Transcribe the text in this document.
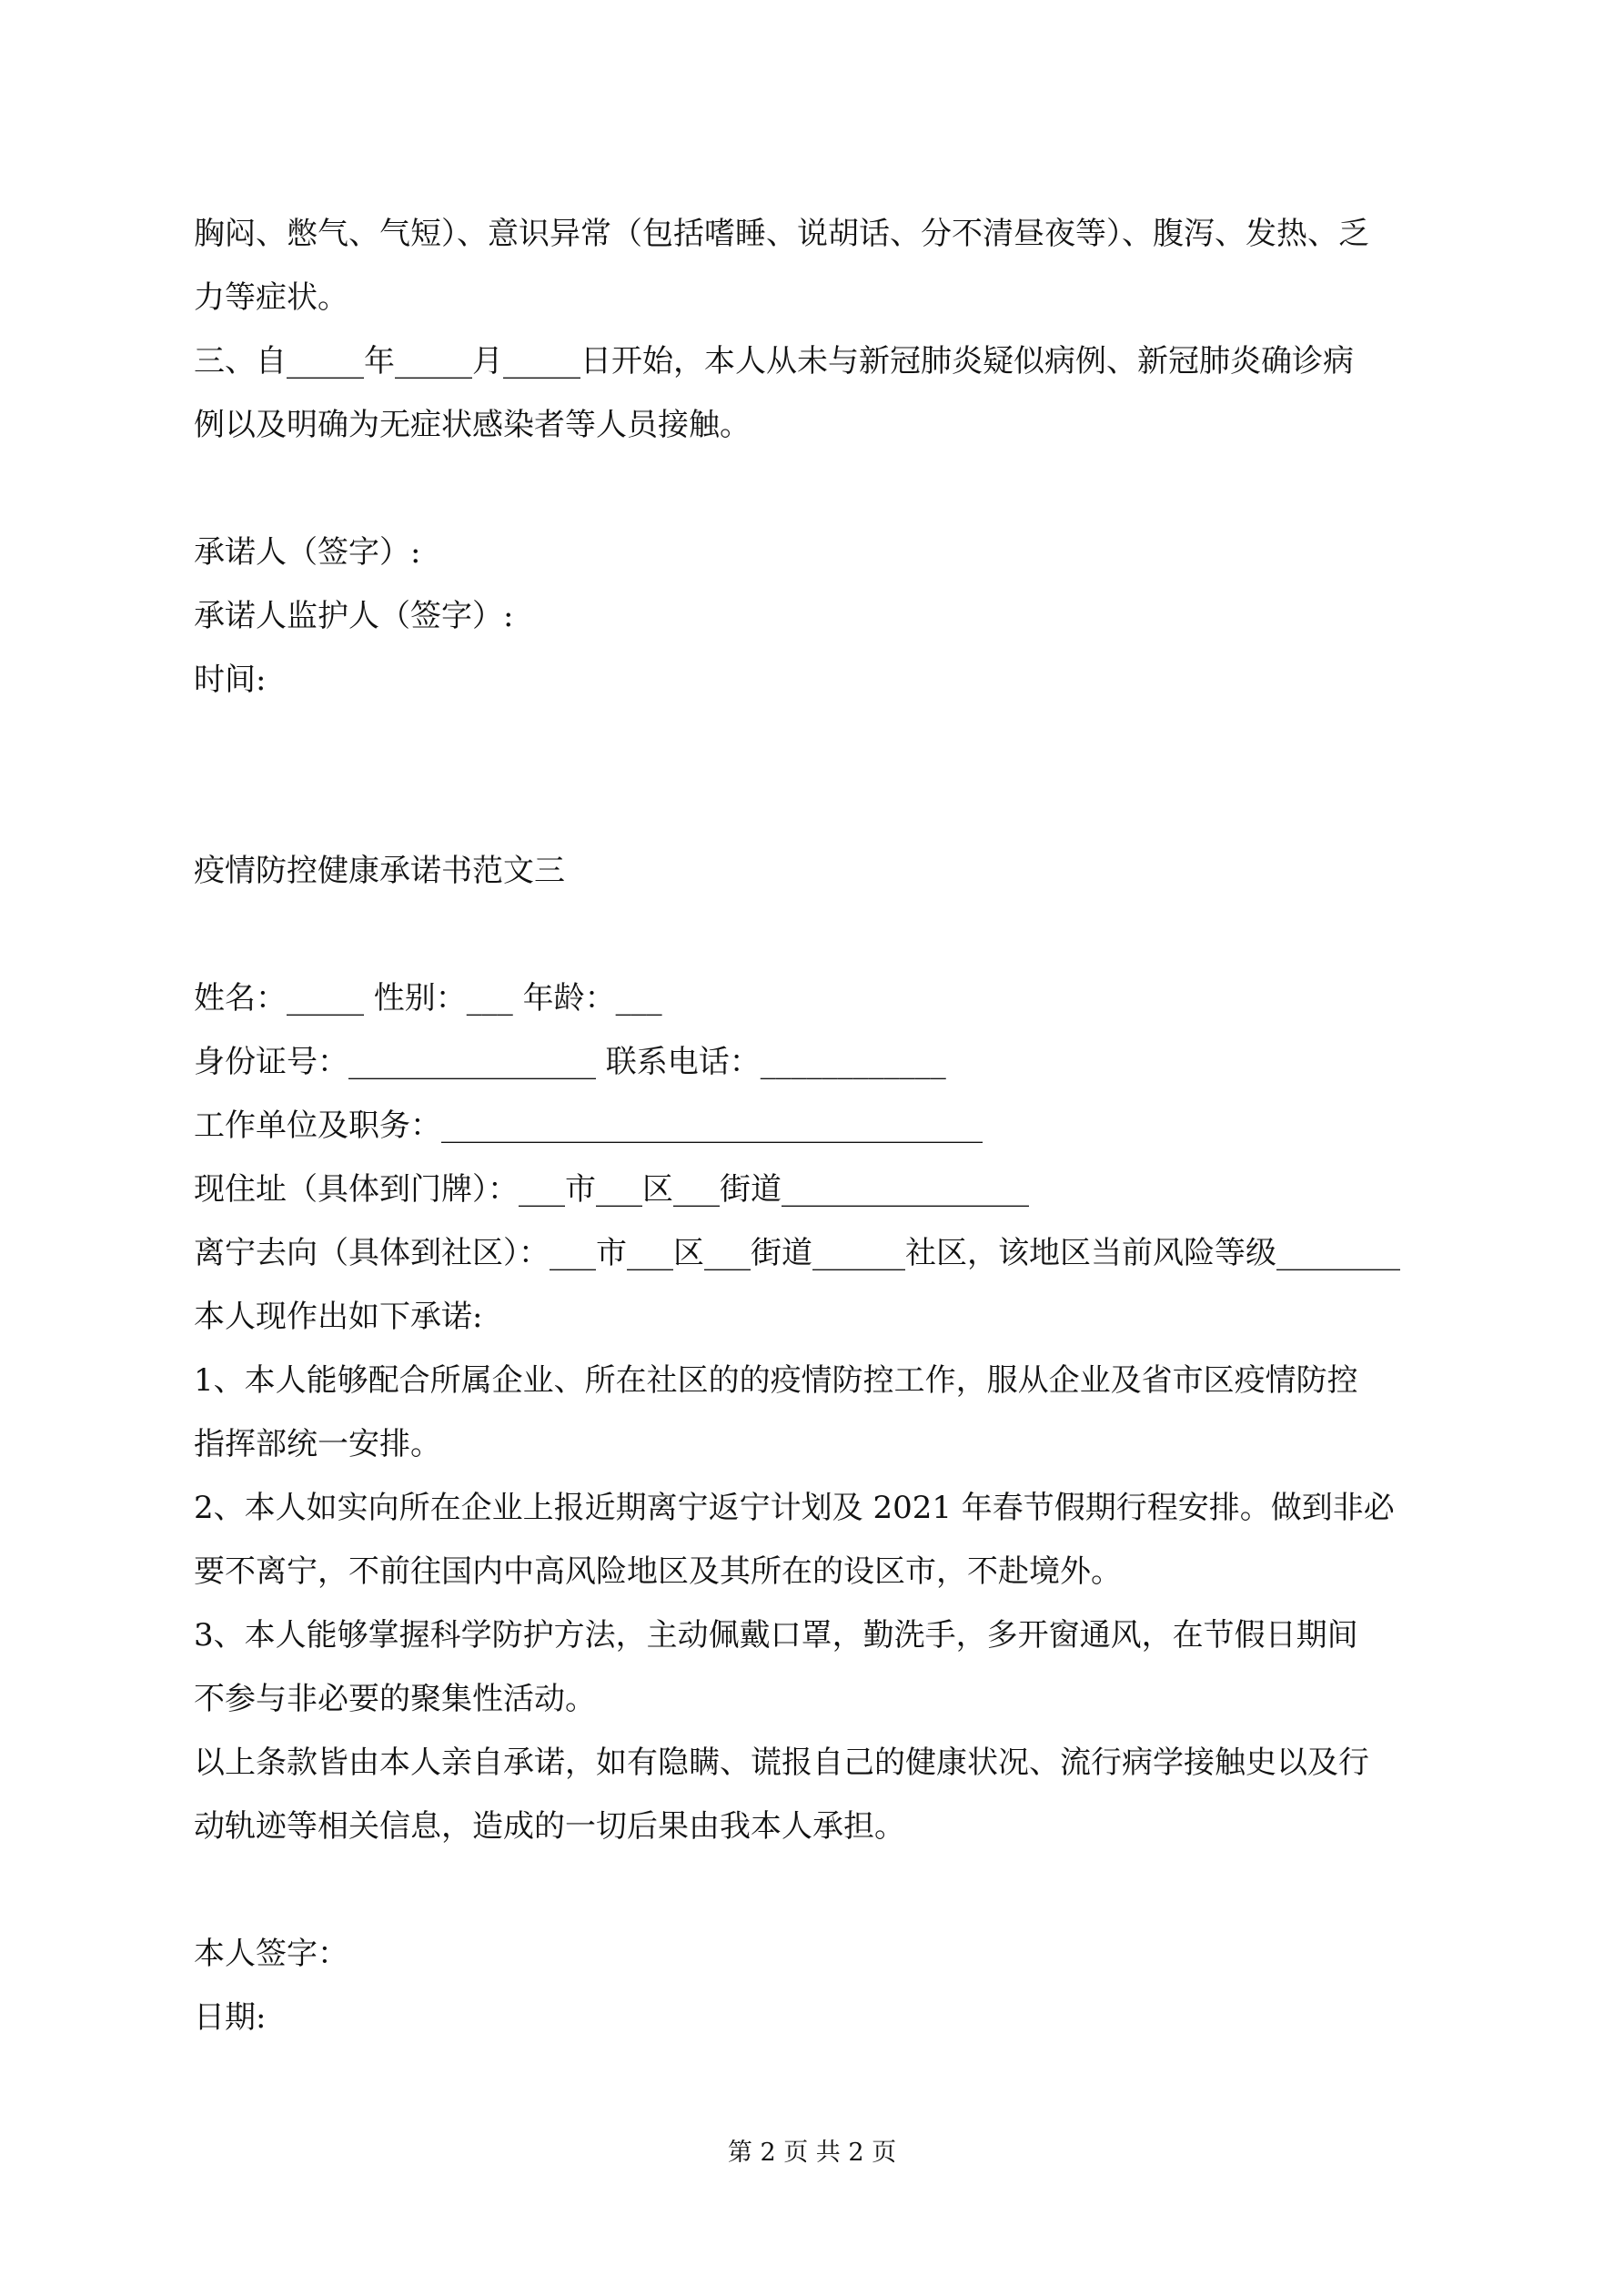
胸闷、憋气、气短）、意识异常（包括嗜睡、说胡话、分不清昼夜等）、腹泻、发热、乏
力等症状。
三、自_____年_____月_____日开始，本人从未与新冠肺炎疑似病例、新冠肺炎确诊病
例以及明确为无症状感染者等人员接触。
承诺人（签字）:
承诺人监护人（签字）:
时间:
疫情防控健康承诺书范文三
姓名：_____ 性别：___ 年龄：___
身份证号：________________ 联系电话：____________
工作单位及职务：___________________________________
现住址（具体到门牌）：___市___区___街道________________
离宁去向（具体到社区）：___市___区___街道______社区，该地区当前风险等级________
本人现作出如下承诺:
1、本人能够配合所属企业、所在社区的的疫情防控工作，服从企业及省市区疫情防控
指挥部统一安排。
2、本人如实向所在企业上报近期离宁返宁计划及 2021 年春节假期行程安排。做到非必
要不离宁，不前往国内中高风险地区及其所在的设区市，不赴境外。
3、本人能够掌握科学防护方法，主动佩戴口罩，勤洗手，多开窗通风，在节假日期间
不参与非必要的聚集性活动。
以上条款皆由本人亲自承诺，如有隐瞒、谎报自己的健康状况、流行病学接触史以及行
动轨迹等相关信息，造成的一切后果由我本人承担。
本人签字：
日期:
第 2 页 共 2 页
